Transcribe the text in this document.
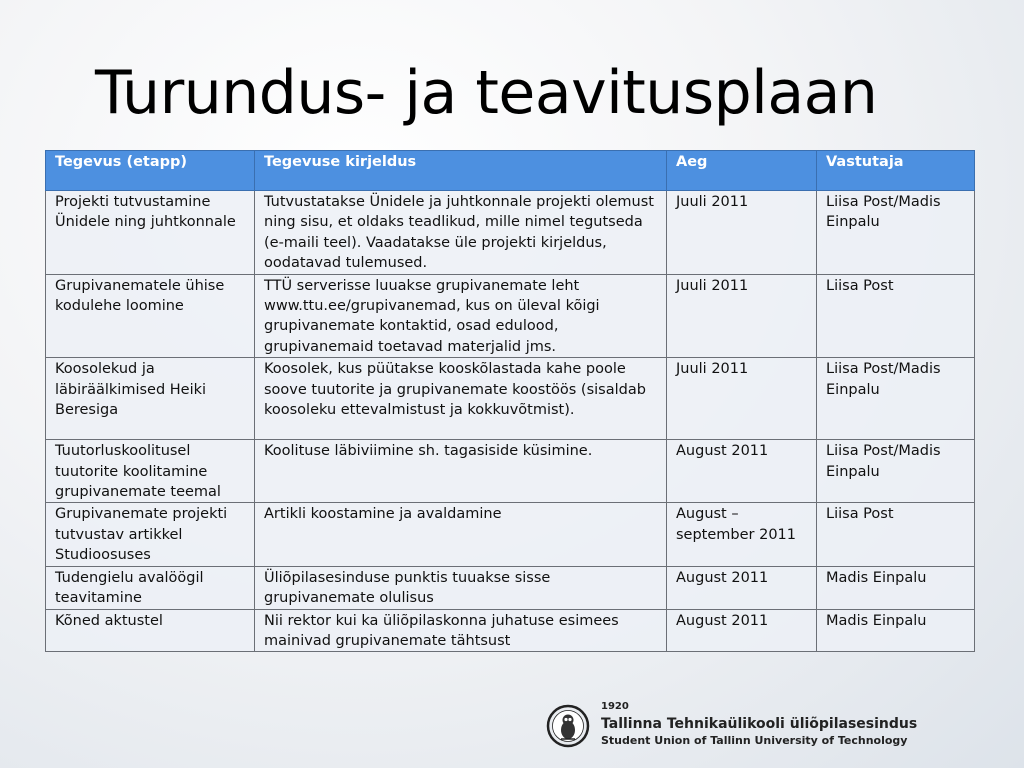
Turundus- ja teavitusplaan
Tegevus (etapp)	Tegevuse kirjeldus	Aeg	Vastutaja
Projekti tutvustamine Ünidele ning juhtkonnale	Tutvustatakse Ünidele ja juhtkonnale projekti olemust ning sisu, et oldaks teadlikud, mille nimel tegutseda (e-maili teel). Vaadatakse üle projekti kirjeldus, oodatavad tulemused.	Juuli 2011	Liisa Post/Madis Einpalu
Grupivanematele ühise kodulehe loomine	TTÜ serverisse luuakse grupivanemate leht www.ttu.ee/grupivanemad, kus on üleval kõigi grupivanemate kontaktid, osad edulood, grupivanemaid toetavad materjalid jms.	Juuli 2011	Liisa Post
Koosolekud ja läbiräälkimised Heiki Beresiga	Koosolek, kus püütakse kooskõlastada kahe poole soove tuutorite ja grupivanemate koostöös (sisaldab koosoleku ettevalmistust ja kokkuvõtmist).	Juuli 2011	Liisa Post/Madis Einpalu
Tuutorluskoolitusel tuutorite koolitamine grupivanemate teemal	Koolituse läbiviimine sh. tagasiside küsimine.	August 2011	Liisa Post/Madis Einpalu
Grupivanemate projekti tutvustav artikkel Studioosuses	Artikli koostamine ja avaldamine	August – september 2011	Liisa Post
Tudengielu avalöögil teavitamine	Üliõpilasesinduse punktis tuuakse sisse grupivanemate olulisus	August 2011	Madis Einpalu
Kõned aktustel	Nii rektor kui ka üliõpilaskonna juhatuse esimees mainivad grupivanemate tähtsust	August 2011	Madis Einpalu
1920
Tallinna Tehnikaülikooli üliõpilasesindus
Student Union of Tallinn University of Technology
